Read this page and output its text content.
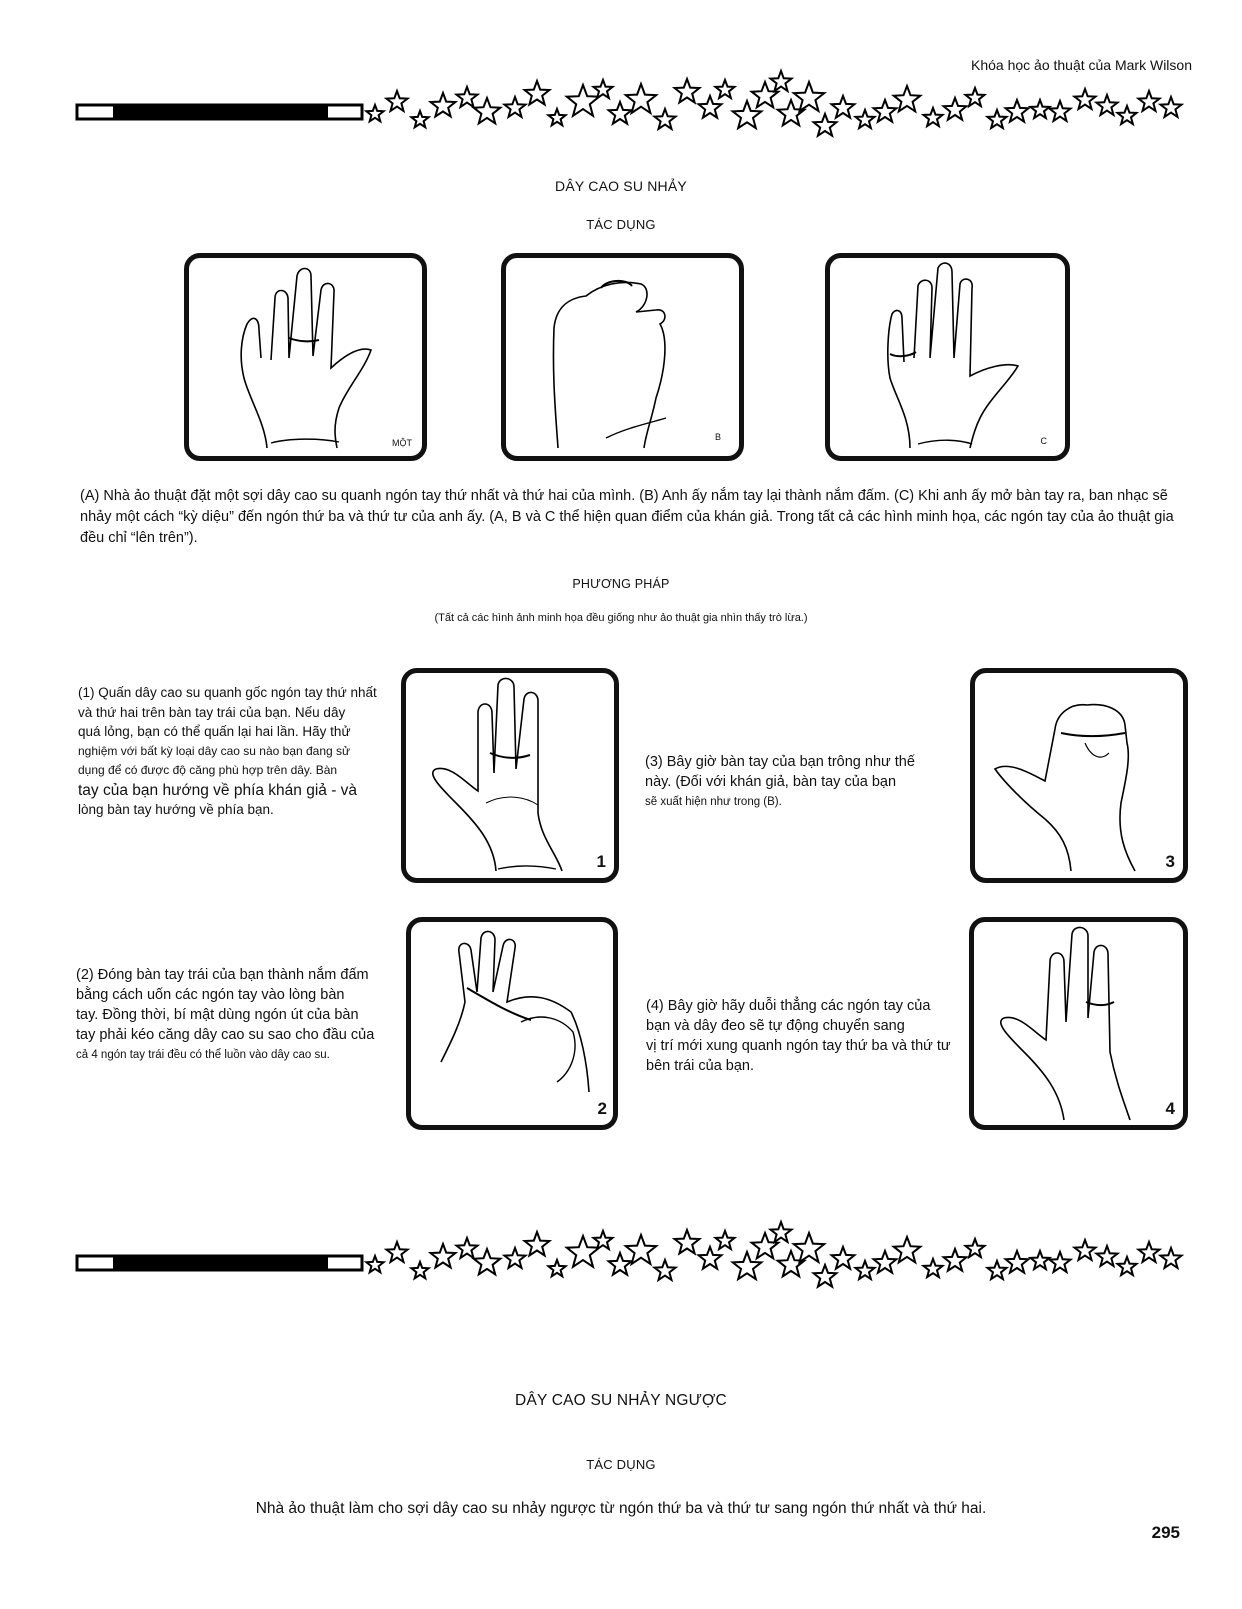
Khóa học ảo thuật của Mark Wilson
DÂY CAO SU NHẢY
TÁC DỤNG
MỘT
B	C
(A) Nhà ảo thuật đặt một sợi dây cao su quanh ngón tay thứ nhất và thứ hai của mình. (B) Anh ấy nắm tay lại thành nắm đấm. (C) Khi anh ấy mở bàn tay ra, ban nhạc sẽ nhảy một cách “kỳ diệu” đến ngón thứ ba và thứ tư của anh ấy. (A, B và C thể hiện quan điểm của khán giả. Trong tất cả các hình minh họa, các ngón tay của ảo thuật gia đều chỉ “lên trên”).
PHƯƠNG PHÁP
(Tất cả các hình ảnh minh họa đều giống như ảo thuật gia nhìn thấy trò lừa.)
(1) Quấn dây cao su quanh gốc ngón tay thứ nhất
và thứ hai trên bàn tay trái của bạn. Nếu dây
quá lỏng, bạn có thể quấn lại hai lần. Hãy thử
nghiệm với bất kỳ loại dây cao su nào bạn đang sử
dụng để có được độ căng phù hợp trên dây. Bàn
tay của bạn hướng về phía khán giả - và
lòng bàn tay hướng về phía bạn.
1
(3) Bây giờ bàn tay của bạn trông như thế
này. (Đối với khán giả, bàn tay của bạn
sẽ xuất hiện như trong (B).
3
(2) Đóng bàn tay trái của bạn thành nắm đấm
bằng cách uốn các ngón tay vào lòng bàn
tay. Đồng thời, bí mật dùng ngón út của bàn
tay phải kéo căng dây cao su sao cho đầu của
cả 4 ngón tay trái đều có thể luồn vào dây cao su.
2
(4) Bây giờ hãy duỗi thẳng các ngón tay của
bạn và dây đeo sẽ tự động chuyển sang
vị trí mới xung quanh ngón tay thứ ba và thứ tư
bên trái của bạn.
4
DÂY CAO SU NHẢY NGƯỢC
TÁC DỤNG
Nhà ảo thuật làm cho sợi dây cao su nhảy ngược từ ngón thứ ba và thứ tư sang ngón thứ nhất và thứ hai.
295
